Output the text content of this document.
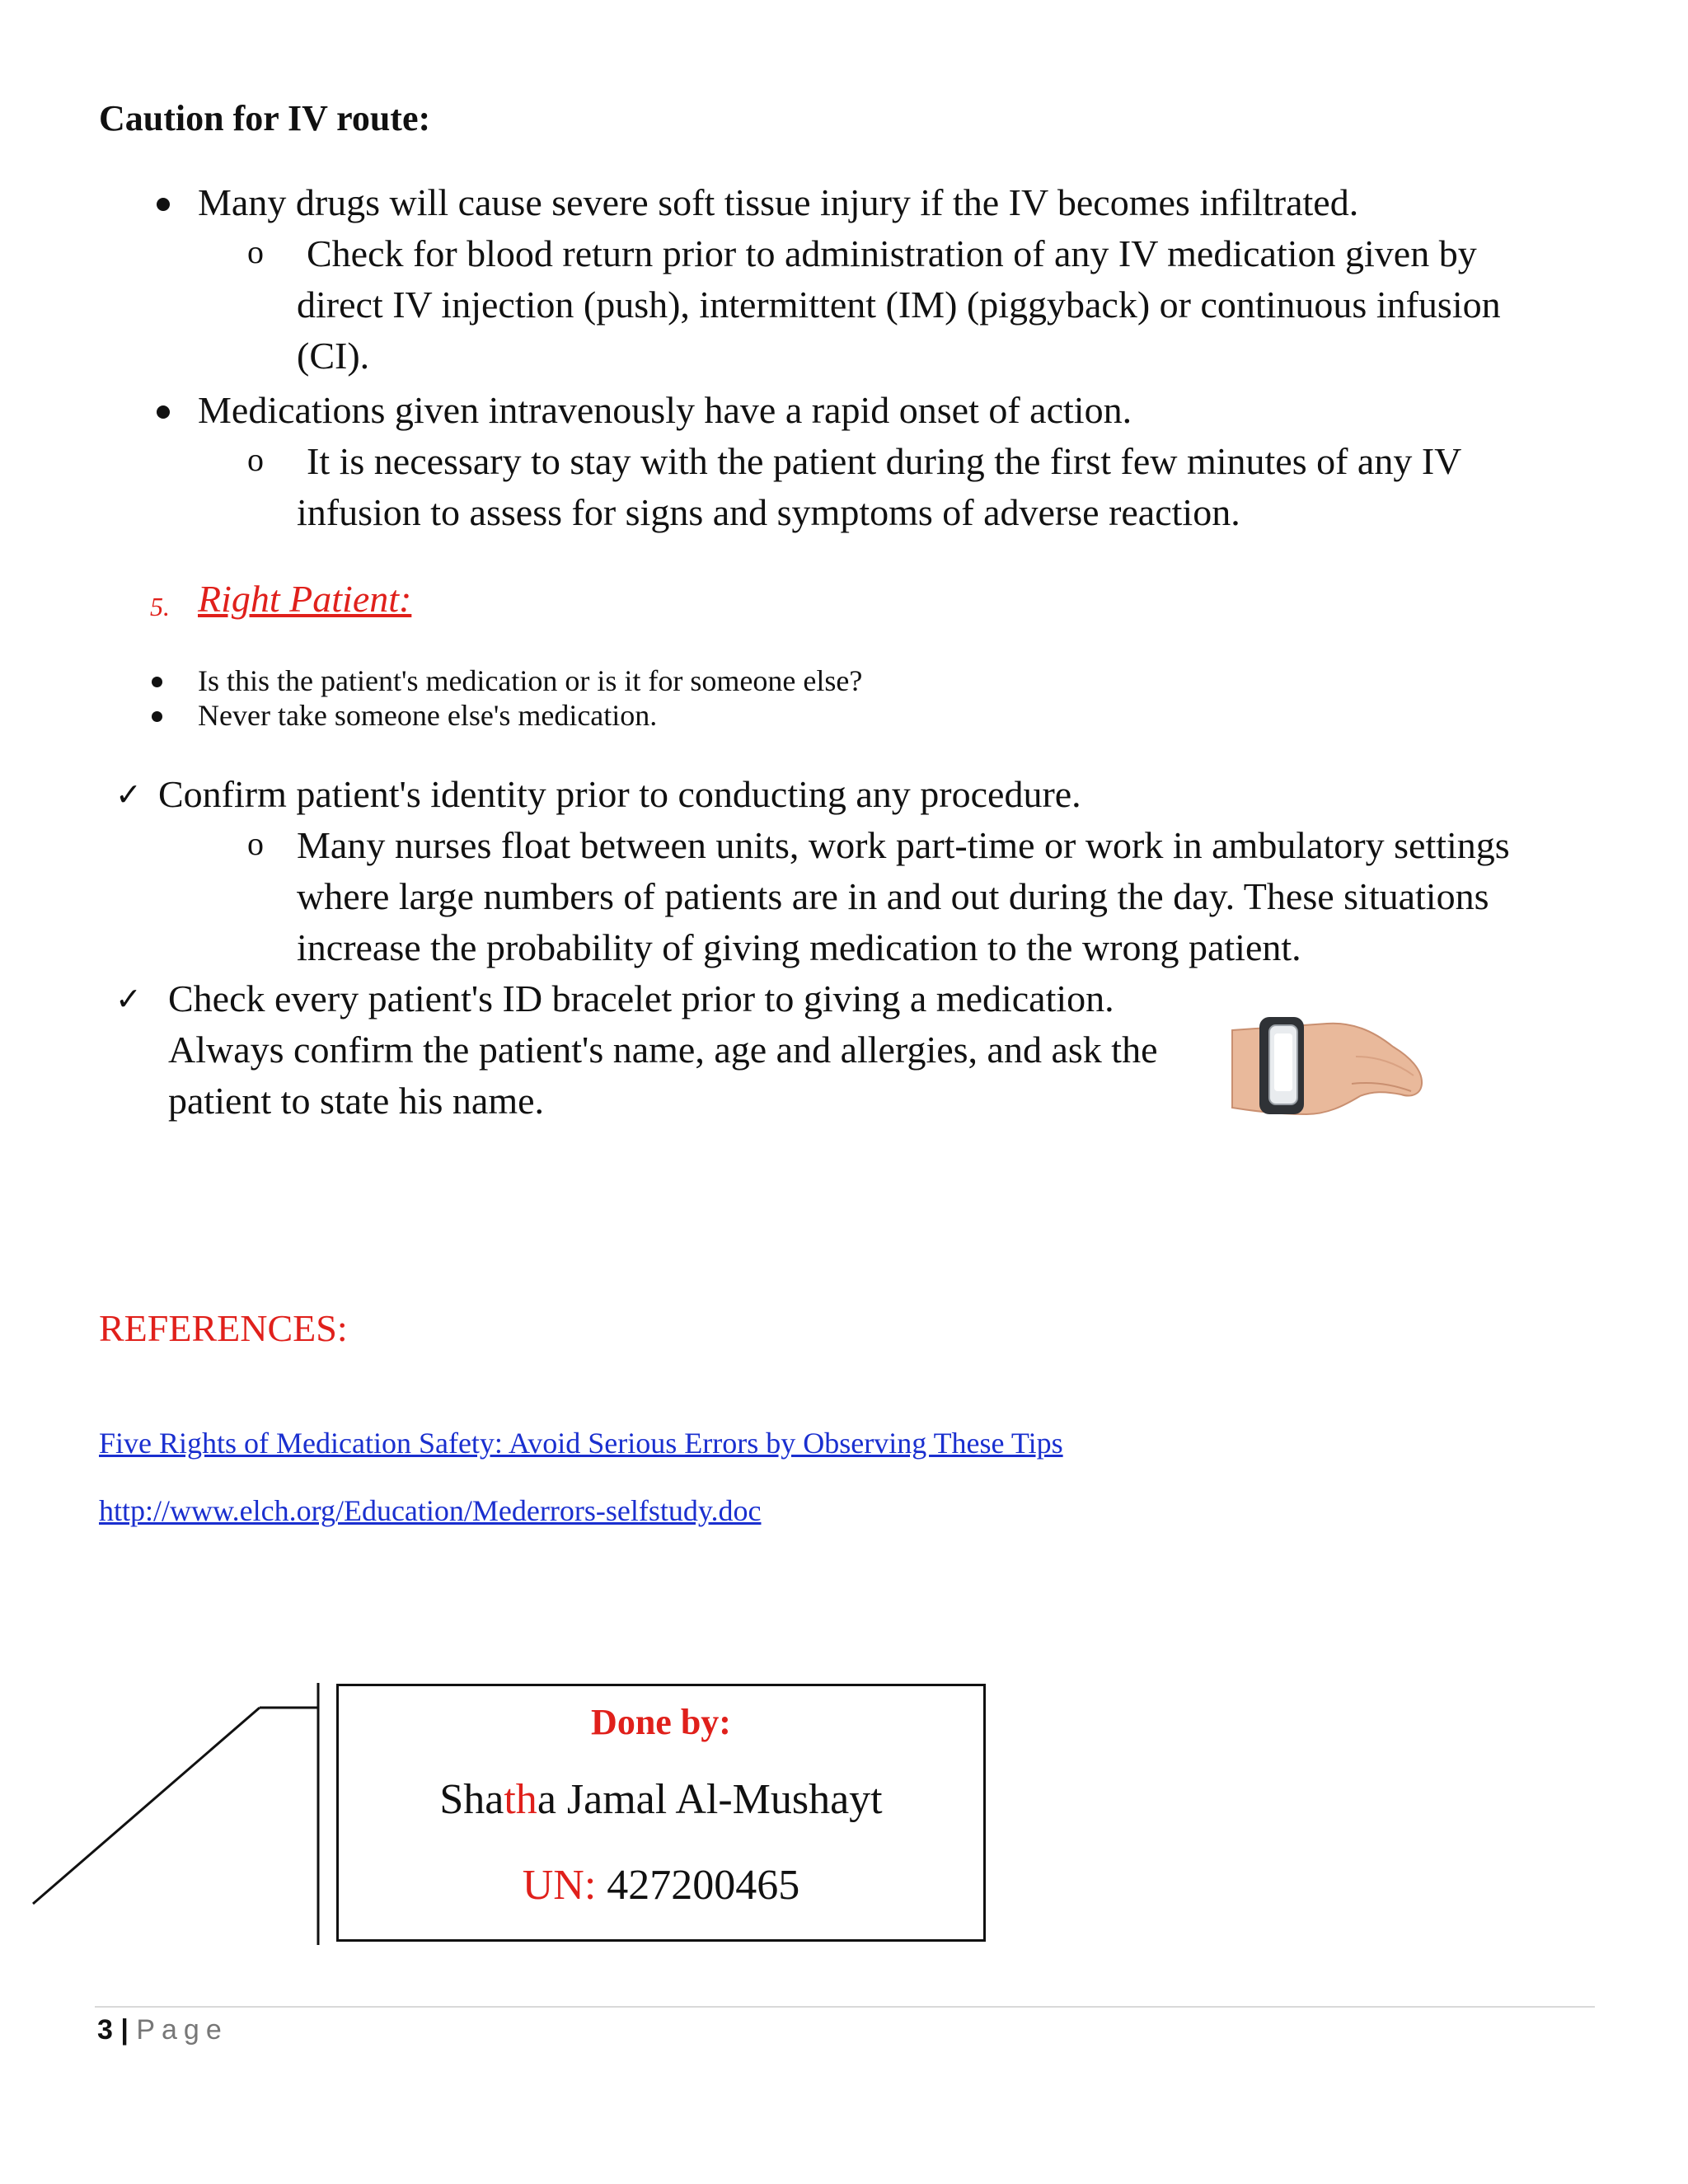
Caution for IV route:
Many drugs will cause severe soft tissue injury if the IV becomes infiltrated.
o Check for blood return prior to administration of any IV medication given by
direct IV injection (push), intermittent (IM) (piggyback) or continuous infusion
(CI).
Medications given intravenously have a rapid onset of action.
o It is necessary to stay with the patient during the first few minutes of any IV
infusion to assess for signs and symptoms of adverse reaction.
5. Right Patient:
Is this the patient's medication or is it for someone else?
Never take someone else's medication.
✓ Confirm patient's identity prior to conducting any procedure.
o Many nurses float between units, work part-time or work in ambulatory settings
where large numbers of patients are in and out during the day. These situations
increase the probability of giving medication to the wrong patient.
✓ Check every patient's ID bracelet prior to giving a medication.
Always confirm the patient's name, age and allergies, and ask the
patient to state his name.
REFERENCES:
Five Rights of Medication Safety: Avoid Serious Errors by Observing These Tips
http://www.elch.org/Education/Mederrors-selfstudy.doc
Done by:
Shatha Jamal Al-Mushayt
UN: 427200465
3 | Page
